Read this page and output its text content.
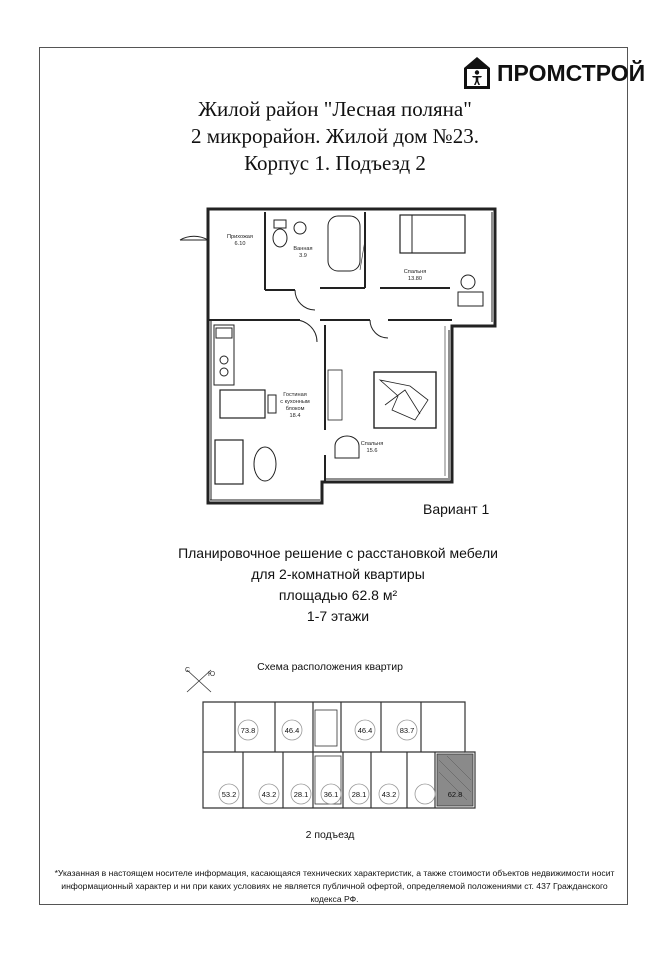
ПРОМСТРОЙ
Жилой район "Лесная поляна"
2 микрорайон. Жилой дом №23.
Корпус 1. Подъезд 2
Прихожая
6.10
Ванная
3.9
Спальня
13.80
Гостиная
с кухонным
блоком
18.4
Спальня
15.6
Вариант 1
Планировочное решение с расстановкой мебели
для 2-комнатной квартиры
площадью 62.8 м²
1-7 этажи
Схема расположения квартир
С
Ю
73.8	46.4	46.4	83.7
53.2	43.2 28.1 36.1 28.1 43.2	62.8
2 подъезд
*Указанная в настоящем носителе информация, касающаяся технических характеристик, а также стоимости объектов недвижимости носит
информационный характер и ни при каких условиях не является публичной офертой, определяемой положениями ст. 437 Гражданского кодекса РФ.
